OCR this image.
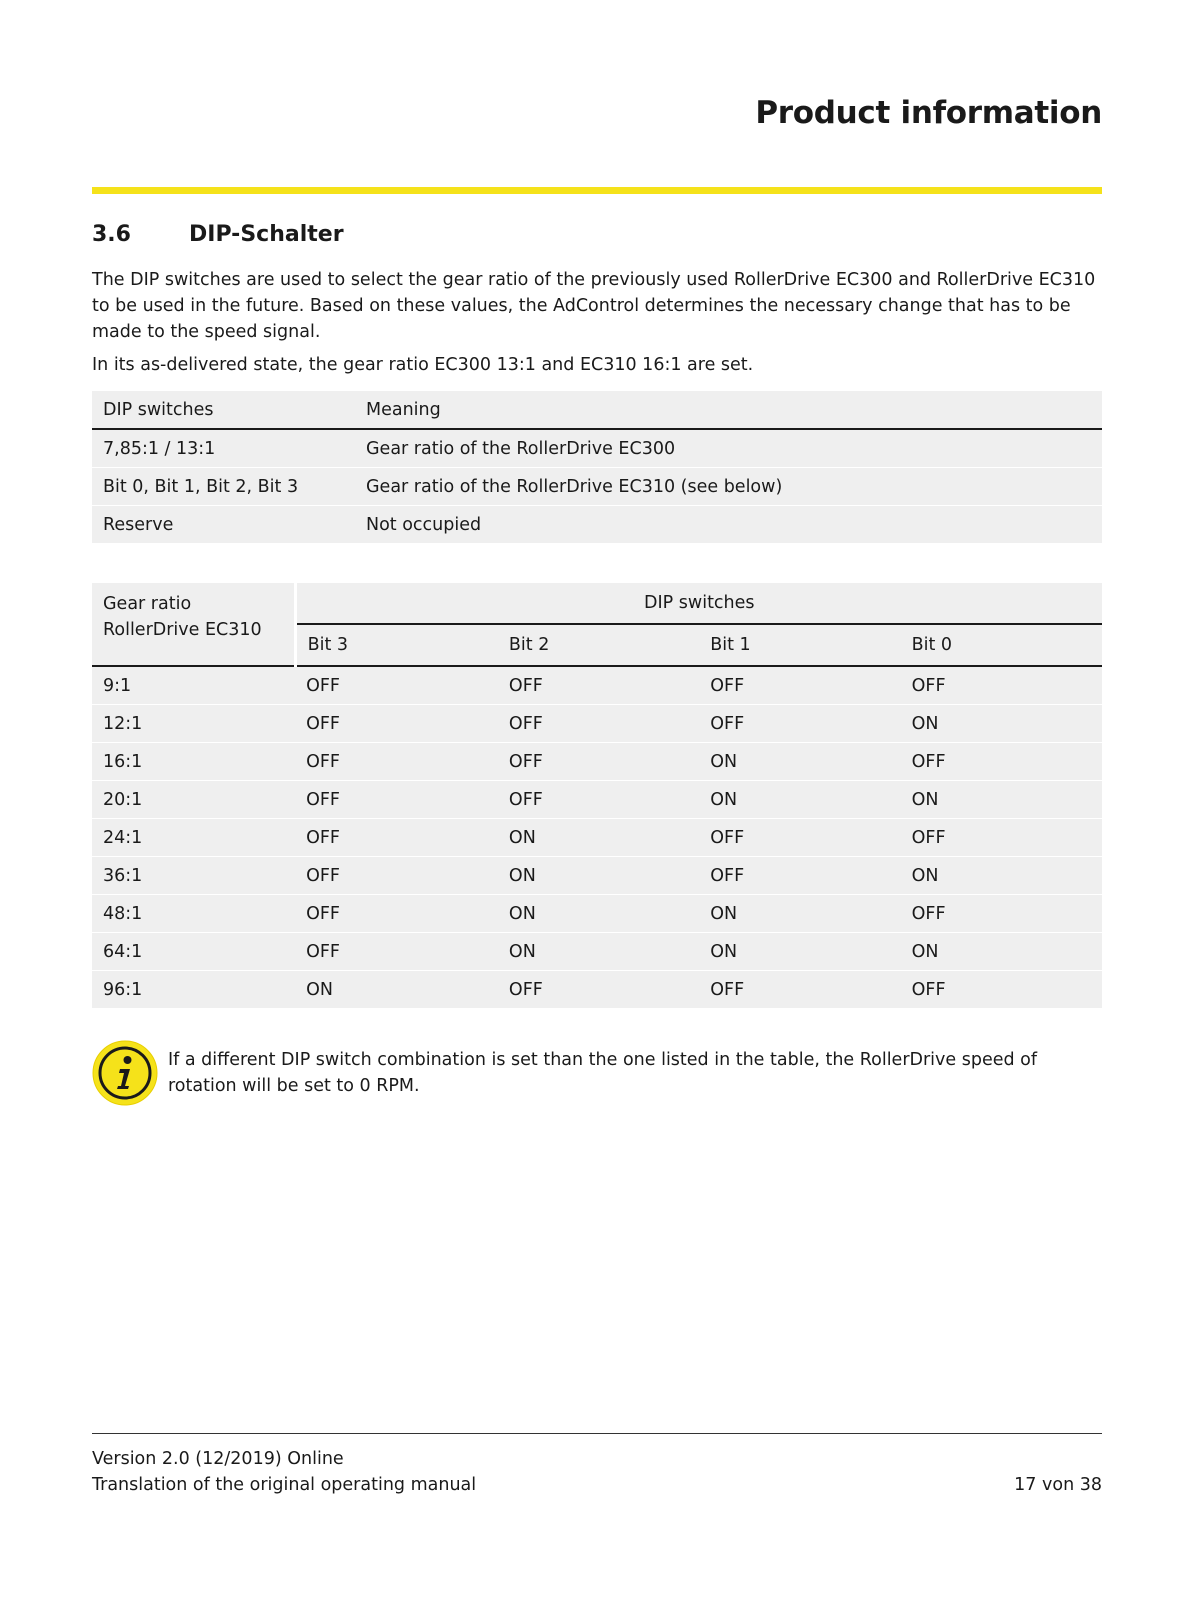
Product information
3.6	DIP-Schalter

The DIP switches are used to select the gear ratio of the previously used RollerDrive EC300 and RollerDrive EC310 to be used in the future. Based on these values, the AdControl determines the necessary change that has to be made to the speed signal.

In its as-delivered state, the gear ratio EC300 13:1 and EC310 16:1 are set.

DIP switches	Meaning
7,85:1 / 13:1	Gear ratio of the RollerDrive EC300
Bit 0, Bit 1, Bit 2, Bit 3	Gear ratio of the RollerDrive EC310 (see below)
Reserve	Not occupied
Gear ratio
RollerDrive EC310	DIP switches			
	Bit 3	Bit 2	Bit 1	Bit 0
9:1	OFF	OFF	OFF	OFF
12:1	OFF	OFF	OFF	ON
16:1	OFF	OFF	ON	OFF
20:1	OFF	OFF	ON	ON
24:1	OFF	ON	OFF	OFF
36:1	OFF	ON	OFF	ON
48:1	OFF	ON	ON	OFF
64:1	OFF	ON	ON	ON
96:1	ON	OFF	OFF	OFF
If a different DIP switch combination is set than the one listed in the table, the RollerDrive speed of rotation will be set to 0 RPM.
Version 2.0 (12/2019) Online
Translation of the original operating manual	17 von 38
